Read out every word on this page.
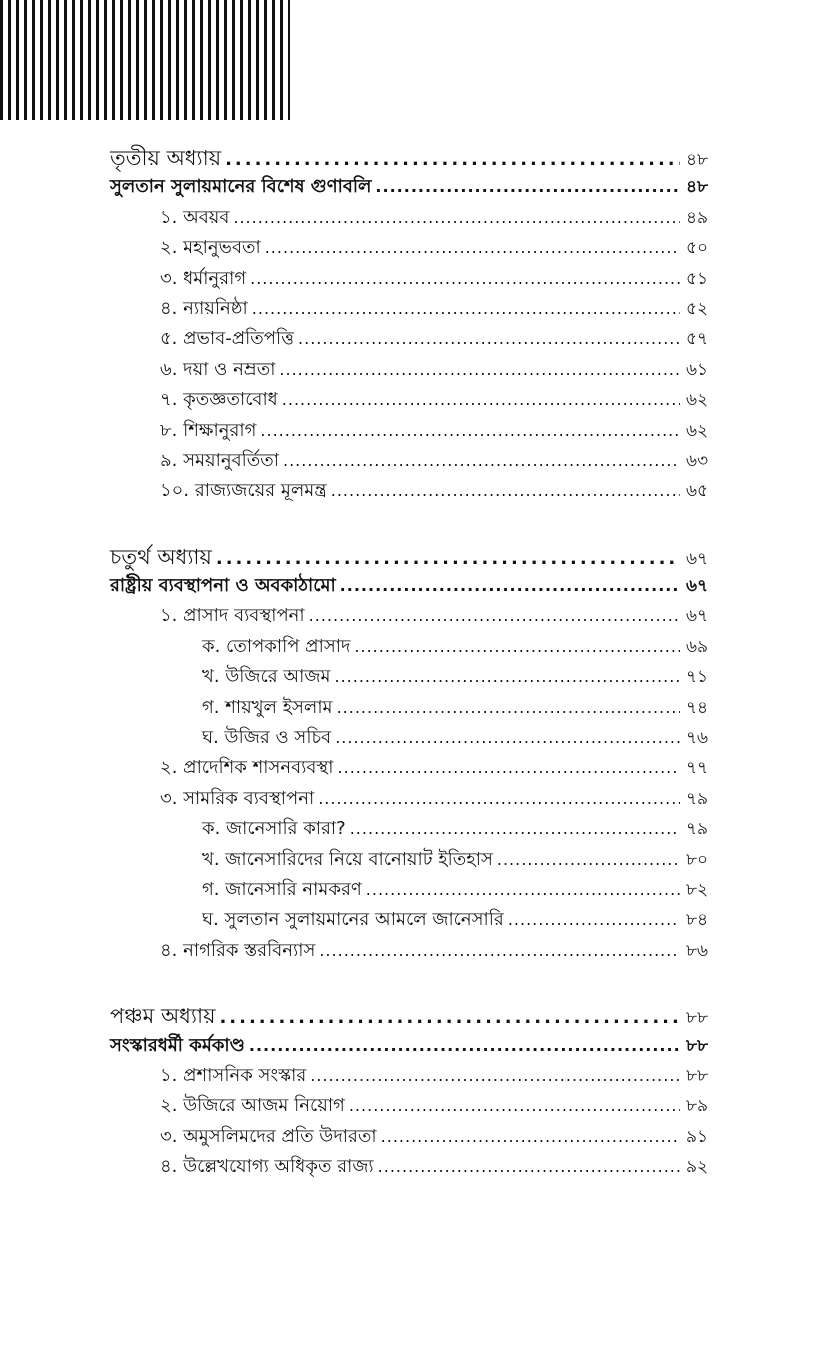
তৃতীয় অধ্যায় .....	৪৮
সুলতান সুলায়মানের বিশেষ গুণাবলি .....	৪৮
১. অবয়ব .....	৪৯
২. মহানুভবতা .....	৫০
৩. ধর্মানুরাগ .....	৫১
৪. ন্যায়নিষ্ঠা .....	৫২
৫. প্রভাব-প্রতিপত্তি .....	৫৭
৬. দয়া ও নম্রতা .....	৬১
৭. কৃতজ্ঞতাবোধ .....	৬২
৮. শিক্ষানুরাগ .....	৬২
৯. সময়ানুবর্তিতা .....	৬৩
১০. রাজ্যজয়ের মূলমন্ত্র .....	৬৫
চতুর্থ অধ্যায় .....	৬৭
রাষ্ট্রীয় ব্যবস্থাপনা ও অবকাঠামো .....	৬৭
১. প্রাসাদ ব্যবস্থাপনা .....	৬৭
ক. তোপকাপি প্রাসাদ .....	৬৯
খ. উজিরে আজম .....	৭১
গ. শায়খুল ইসলাম .....	৭৪
ঘ. উজির ও সচিব .....	৭৬
২. প্রাদেশিক শাসনব্যবস্থা .....	৭৭
৩. সামরিক ব্যবস্থাপনা .....	৭৯
ক. জানেসারি কারা? .....	৭৯
খ. জানেসারিদের নিয়ে বানোয়াট ইতিহাস .....	৮০
গ. জানেসারি নামকরণ .....	৮২
ঘ. সুলতান সুলায়মানের আমলে জানেসারি .....	৮৪
৪. নাগরিক স্তরবিন্যাস .....	৮৬
পঞ্চম অধ্যায় .....	৮৮
সংস্কারধর্মী কর্মকাণ্ড .....	৮৮
১. প্রশাসনিক সংস্কার .....	৮৮
২. উজিরে আজম নিয়োগ .....	৮৯
৩. অমুসলিমদের প্রতি উদারতা .....	৯১
৪. উল্লেখযোগ্য অধিকৃত রাজ্য .....	৯২
